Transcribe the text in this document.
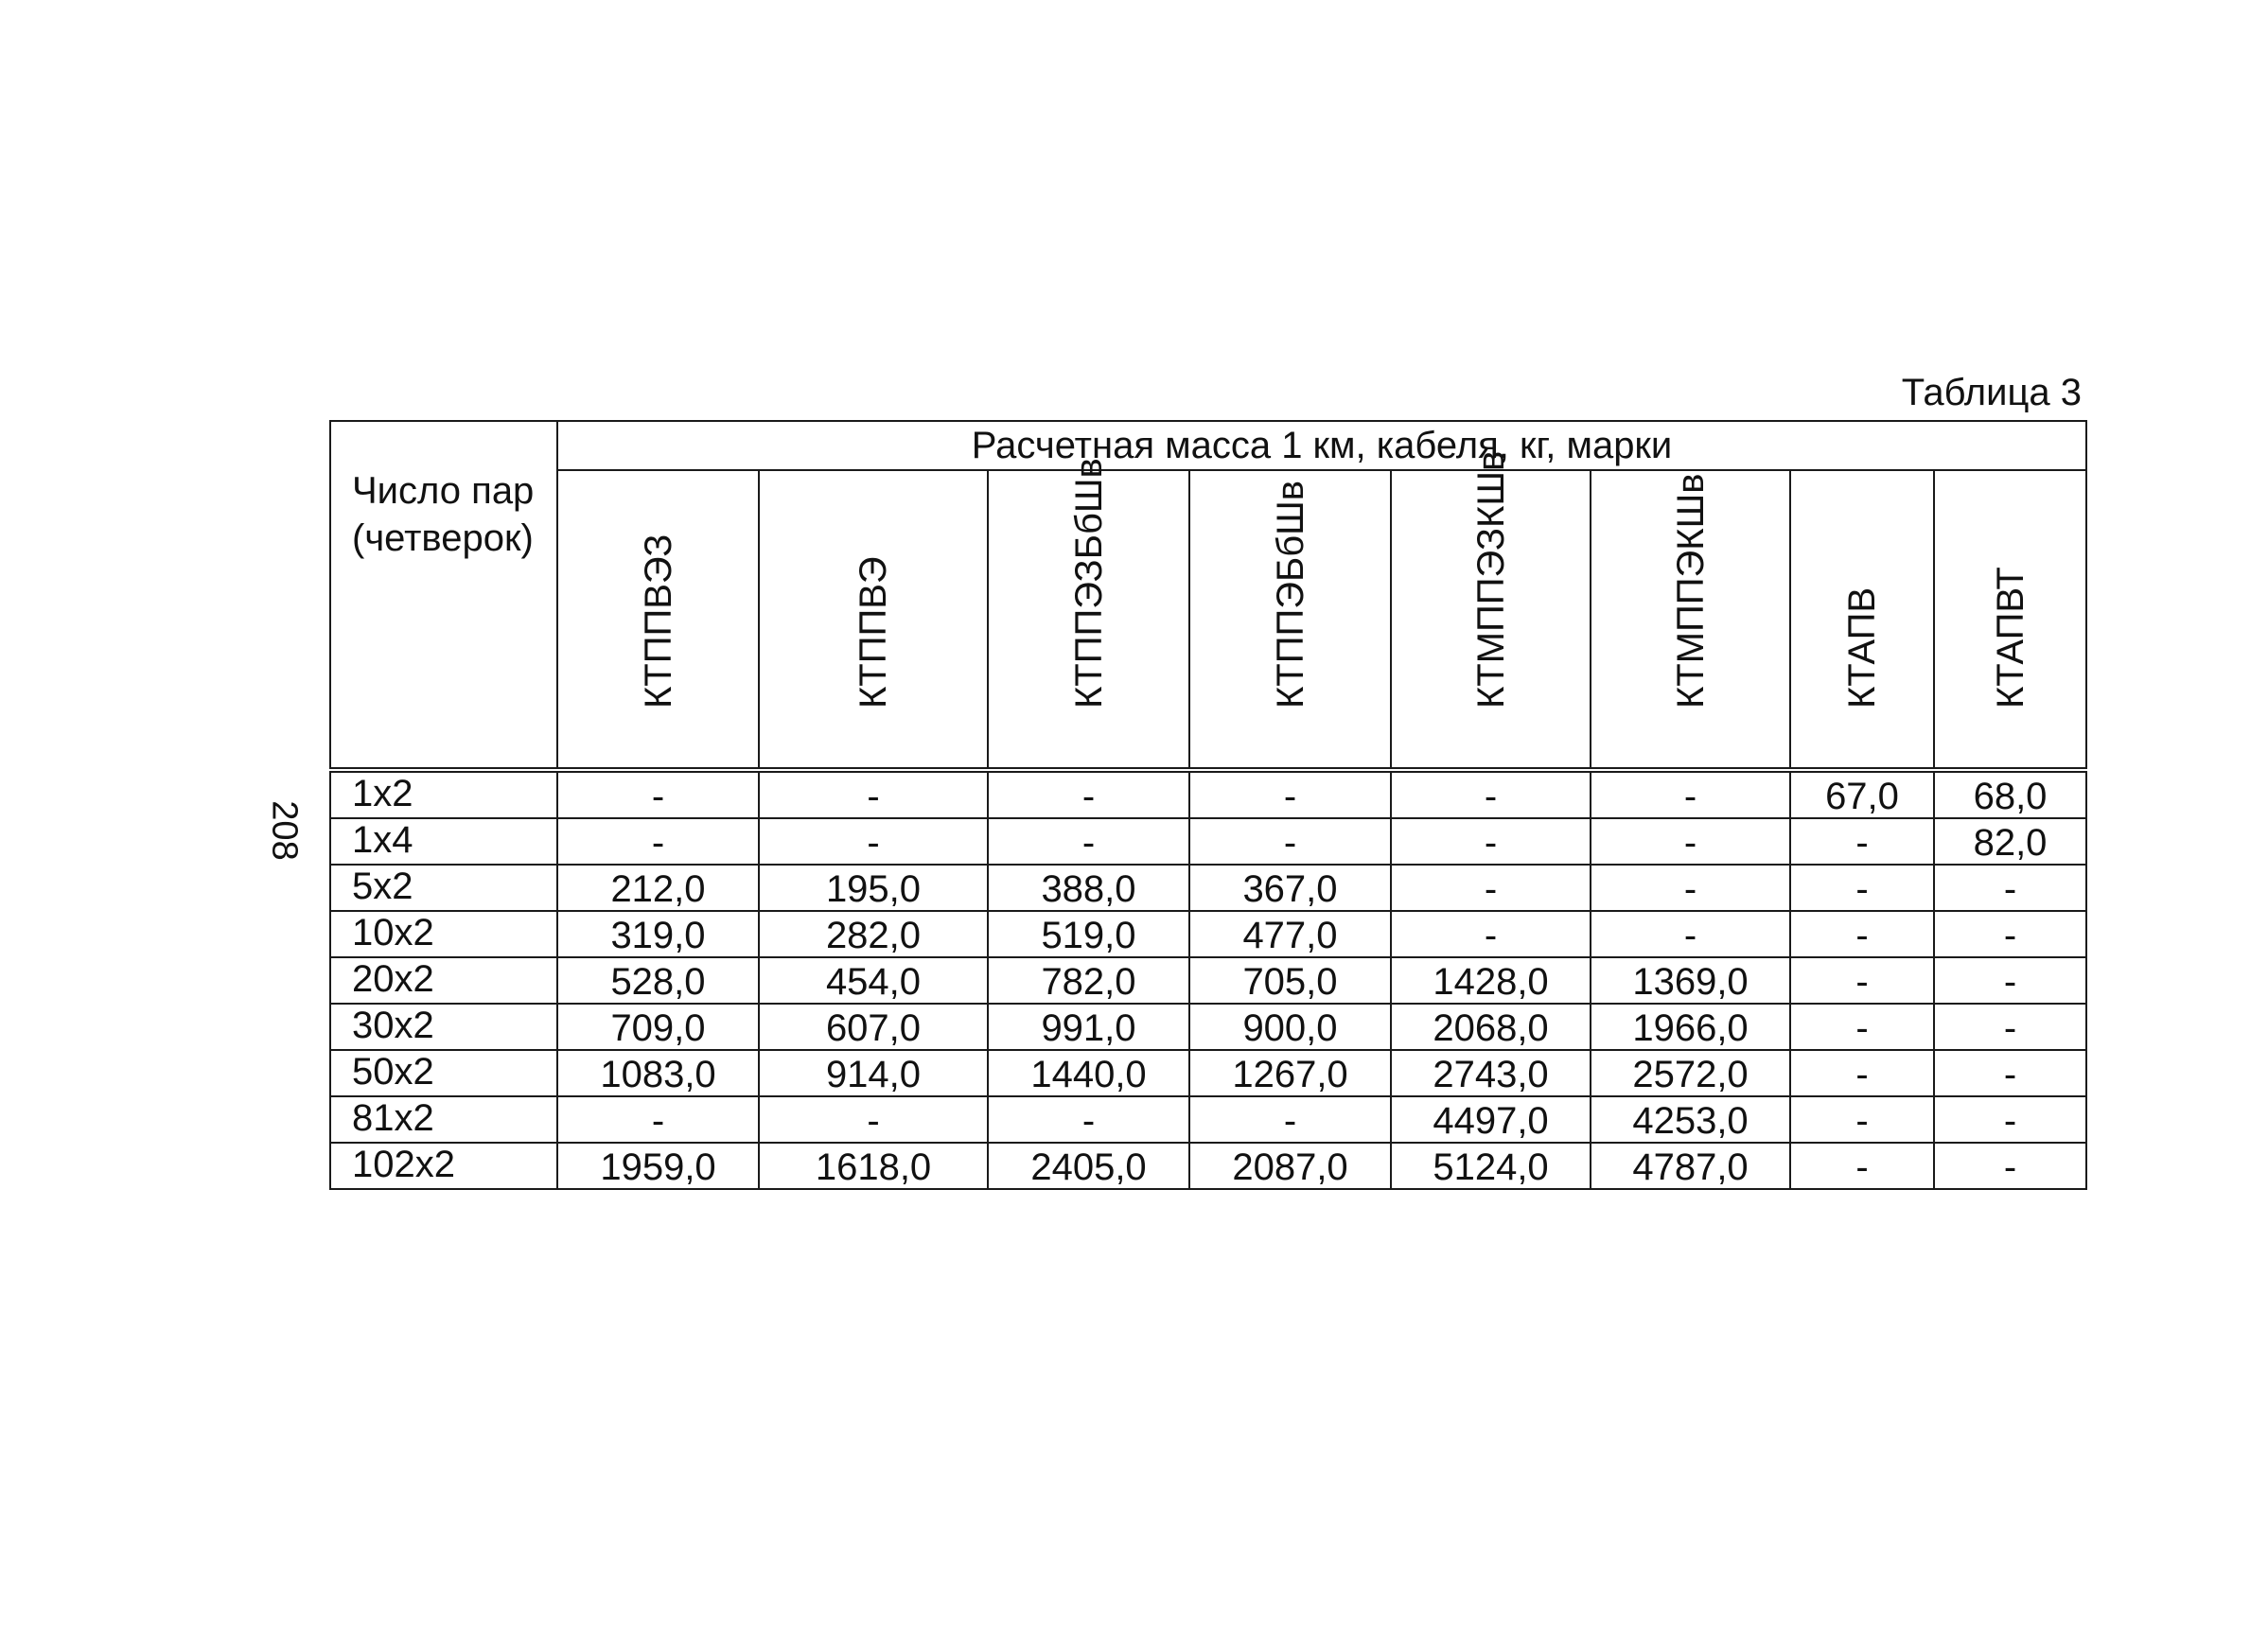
208
Таблица 3
Число пар (четверок)	Расчетная масса 1 км, кабеля, кг, марки							

	КТППВЭЗ	КТППВЭ	КТППЭЗБбШв	КТППЭБбШв	КТМППЭЗКШв	КТМППЭКШв	КТАПВ	КТАПВТ

1x2	-	-	-	-	-	-	67,0	68,0
1x4	-	-	-	-	-	-	-	82,0
5x2	212,0	195,0	388,0	367,0	-	-	-	-
10x2	319,0	282,0	519,0	477,0	-	-	-	-
20x2	528,0	454,0	782,0	705,0	1428,0	1369,0	-	-
30x2	709,0	607,0	991,0	900,0	2068,0	1966,0	-	-
50x2	1083,0	914,0	1440,0	1267,0	2743,0	2572,0	-	-
81x2	-	-	-	-	4497,0	4253,0	-	-
102x2	1959,0	1618,0	2405,0	2087,0	5124,0	4787,0	-	-
